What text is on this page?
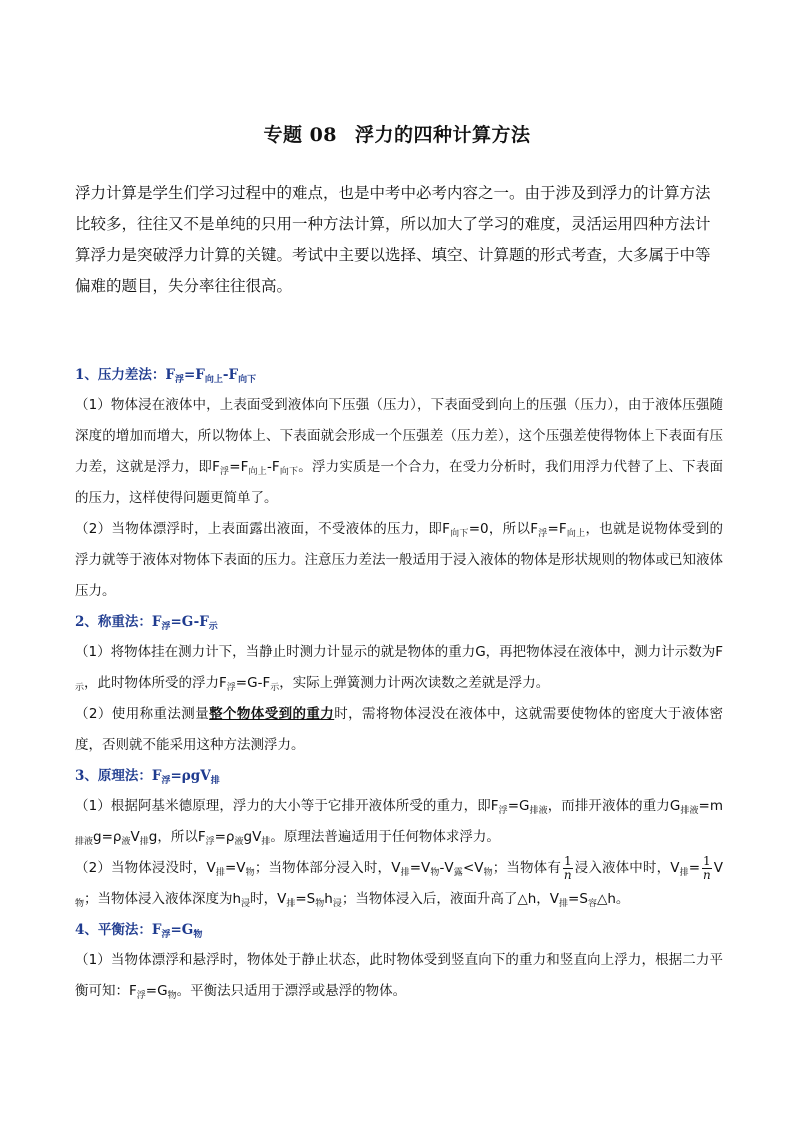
专题 08 浮力的四种计算方法

浮力计算是学生们学习过程中的难点，也是中考中必考内容之一。由于涉及到浮力的计算方法比较多，往往又不是单纯的只用一种方法计算，所以加大了学习的难度，灵活运用四种方法计算浮力是突破浮力计算的关键。考试中主要以选择、填空、计算题的形式考查，大多属于中等偏难的题目，失分率往往很高。

1、压力差法：$F_浮=F_{向上}-F_{向下}$

（1）物体浸在液体中，上表面受到液体向下压强（压力），下表面受到向上的压强（压力），由于液体压强随深度的增加而增大，所以物体上、下表面就会形成一个压强差（压力差），这个压强差使得物体上下表面有压力差，这就是浮力，即$F_浮=F_{向上}-F_{向下}$。浮力实质是一个合力，在受力分析时，我们用浮力代替了上、下表面的压力，这样使得问题更简单了。

（2）当物体漂浮时，上表面露出液面，不受液体的压力，即$F_{向下}=0$，所以$F_浮=F_{向上}$，也就是说物体受到的浮力就等于液体对物体下表面的压力。注意压力差法一般适用于浸入液体的物体是形状规则的物体或已知液体压力。

2、称重法：$F_浮=G-F_示$

（1）将物体挂在测力计下，当静止时测力计显示的就是物体的重力G，再把物体浸在液体中，测力计示数为$F_示$，此时物体所受的浮力$F_浮=G-F_示$，实际上弹簧测力计两次读数之差就是浮力。

（2）使用称重法测量整个物体受到的重力时，需将物体浸没在液体中，这就需要使物体的密度大于液体密度，否则就不能采用这种方法测浮力。

3、原理法：$F_浮=\rho gV_排$

（1）根据阿基米德原理，浮力的大小等于它排开液体所受的重力，即$F_浮=G_{排液}$，而排开液体的重力$G_{排液}=m_{排液}g=\rho_液V_排g$，所以$F_浮=\rho_液gV_排$。原理法普遍适用于任何物体求浮力。

（2）当物体浸没时，$V_排=V_物$；当物体部分浸入时，$V_排=V_物-V_露<V_物$；当物体有 $\frac{1}{n}$ 浸入液体中时，$V_排= \frac{1}{n} V_物$；当物体浸入液体深度为$h_浸$时，$V_排=S_物h_浸$；当物体浸入后，液面升高了△h，$V_排=S_容\triangle h$。

4、平衡法：$F_浮=G_物$

（1）当物体漂浮和悬浮时，物体处于静止状态，此时物体受到竖直向下的重力和竖直向上浮力，根据二力平衡可知：$F_浮=G_物$。平衡法只适用于漂浮或悬浮的物体。
